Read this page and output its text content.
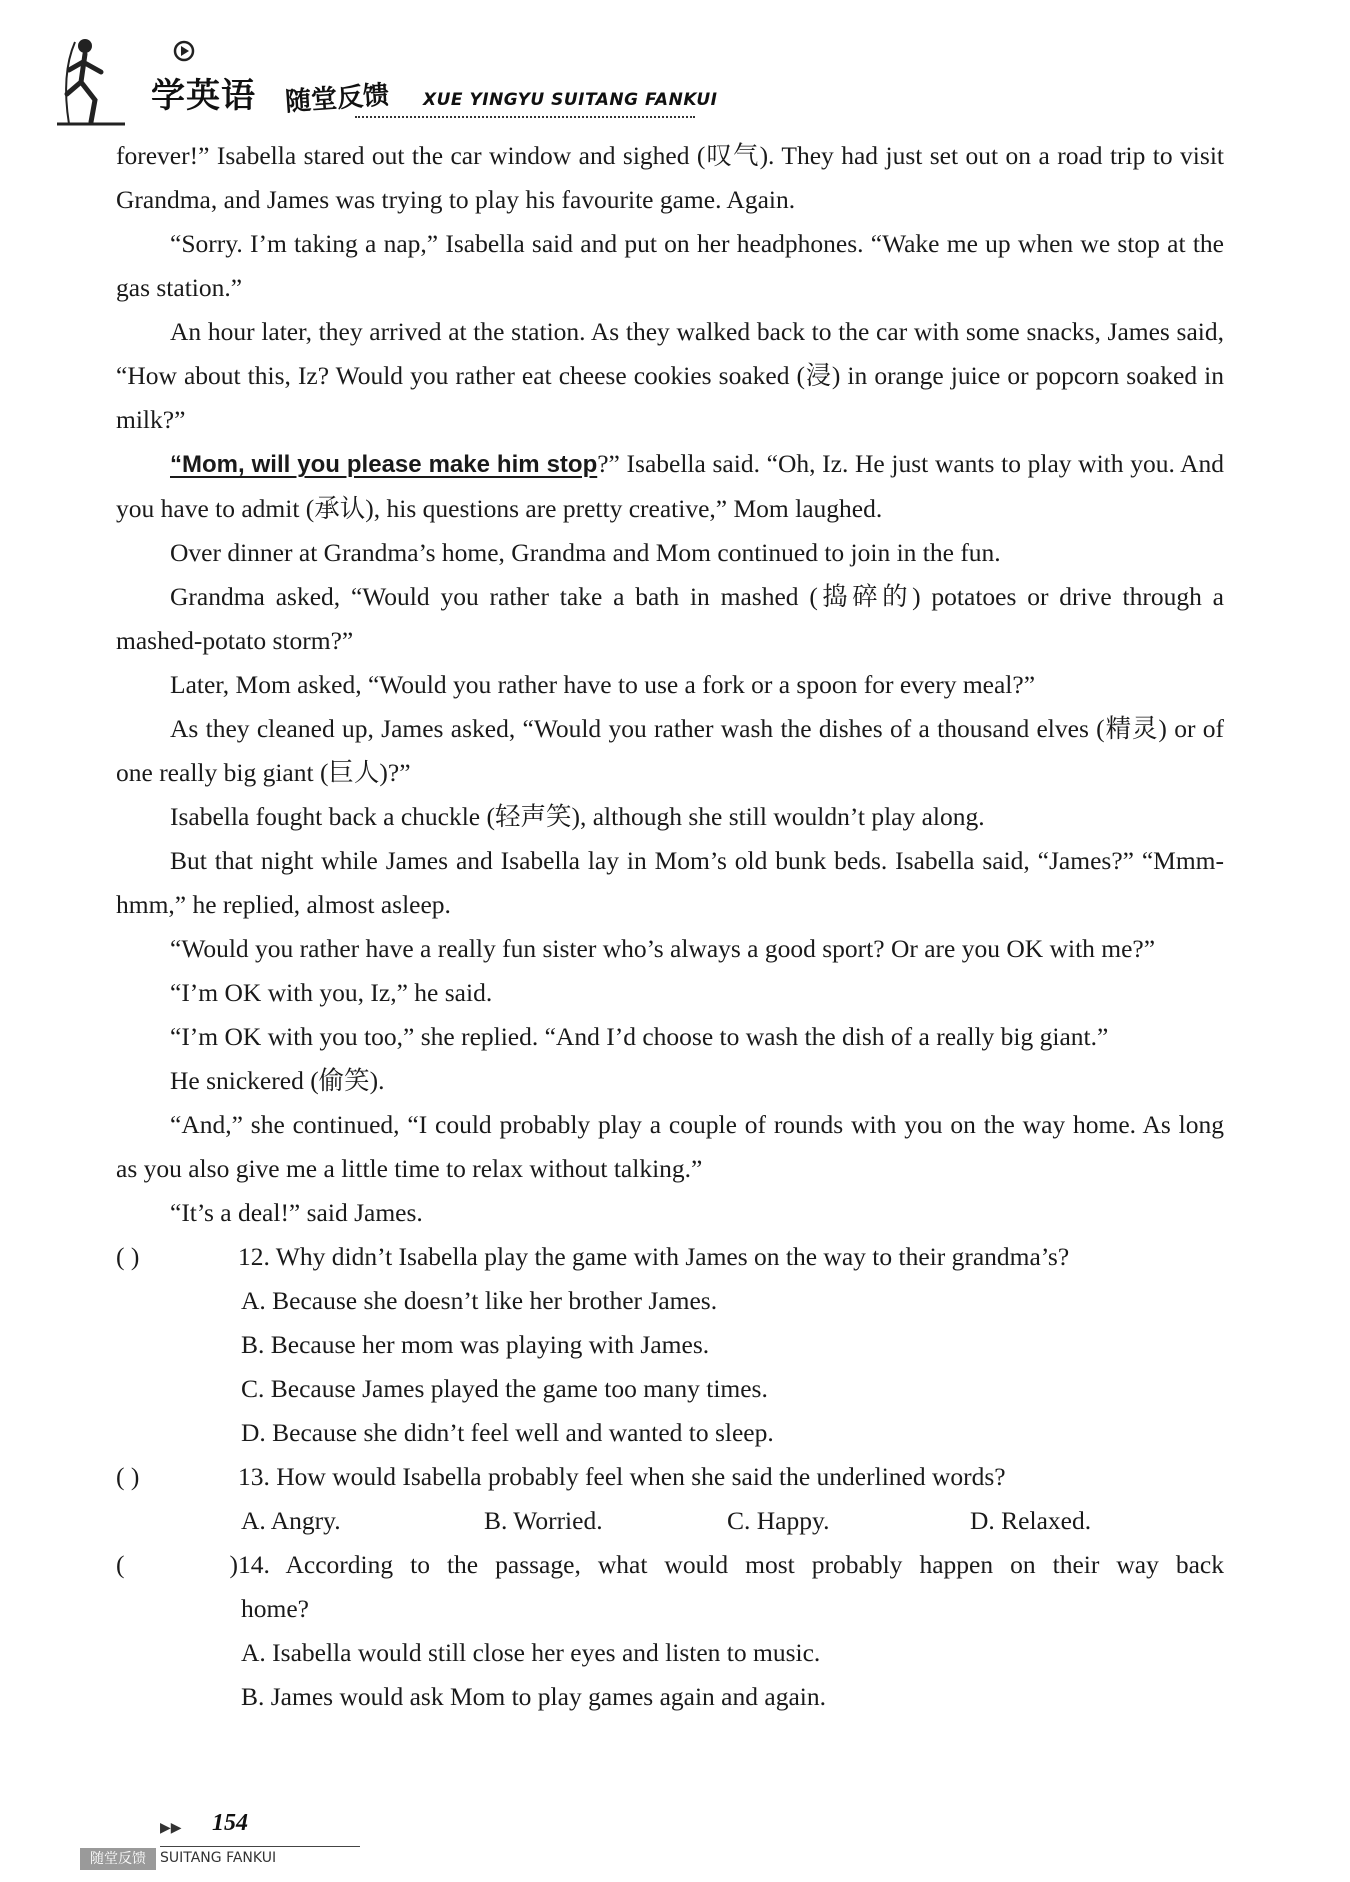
学英语 随堂反馈 XUE YINGYU SUITANG FANKUI

forever!” Isabella stared out the car window and sighed (叹气). They had just set out on a road trip to visit Grandma, and James was trying to play his favourite game. Again.

“Sorry. I’m taking a nap,” Isabella said and put on her headphones. “Wake me up when we stop at the gas station.”

An hour later, they arrived at the station. As they walked back to the car with some snacks, James said, “How about this, Iz? Would you rather eat cheese cookies soaked (浸) in orange juice or popcorn soaked in milk?”

“Mom, will you please make him stop?” Isabella said. “Oh, Iz. He just wants to play with you. And you have to admit (承认), his questions are pretty creative,” Mom laughed.

Over dinner at Grandma’s home, Grandma and Mom continued to join in the fun.

Grandma asked, “Would you rather take a bath in mashed (捣碎的) potatoes or drive through a mashed-potato storm?”

Later, Mom asked, “Would you rather have to use a fork or a spoon for every meal?”

As they cleaned up, James asked, “Would you rather wash the dishes of a thousand elves (精灵) or of one really big giant (巨人)?”

Isabella fought back a chuckle (轻声笑), although she still wouldn’t play along.

But that night while James and Isabella lay in Mom’s old bunk beds. Isabella said, “James?” “Mmm-hmm,” he replied, almost asleep.

“Would you rather have a really fun sister who’s always a good sport? Or are you OK with me?”

“I’m OK with you, Iz,” he said.

“I’m OK with you too,” she replied. “And I’d choose to wash the dish of a really big giant.”

He snickered (偷笑).

“And,” she continued, “I could probably play a couple of rounds with you on the way home. As long as you also give me a little time to relax without talking.”

“It’s a deal!” said James.

( )	12. Why didn’t Isabella play the game with James on the way to their grandma’s?

A. Because she doesn’t like her brother James.

B. Because her mom was playing with James.

C. Because James played the game too many times.

D. Because she didn’t feel well and wanted to sleep.

( )	13. How would Isabella probably feel when she said the underlined words?

A. Angry.	B. Worried.	C. Happy.	D. Relaxed.

( )14. According to the passage, what would most probably happen on their way back

home?

A. Isabella would still close her eyes and listen to music.

B. James would ask Mom to play games again and again.

▶▶ 154
随堂反馈	SUITANG FANKUI
